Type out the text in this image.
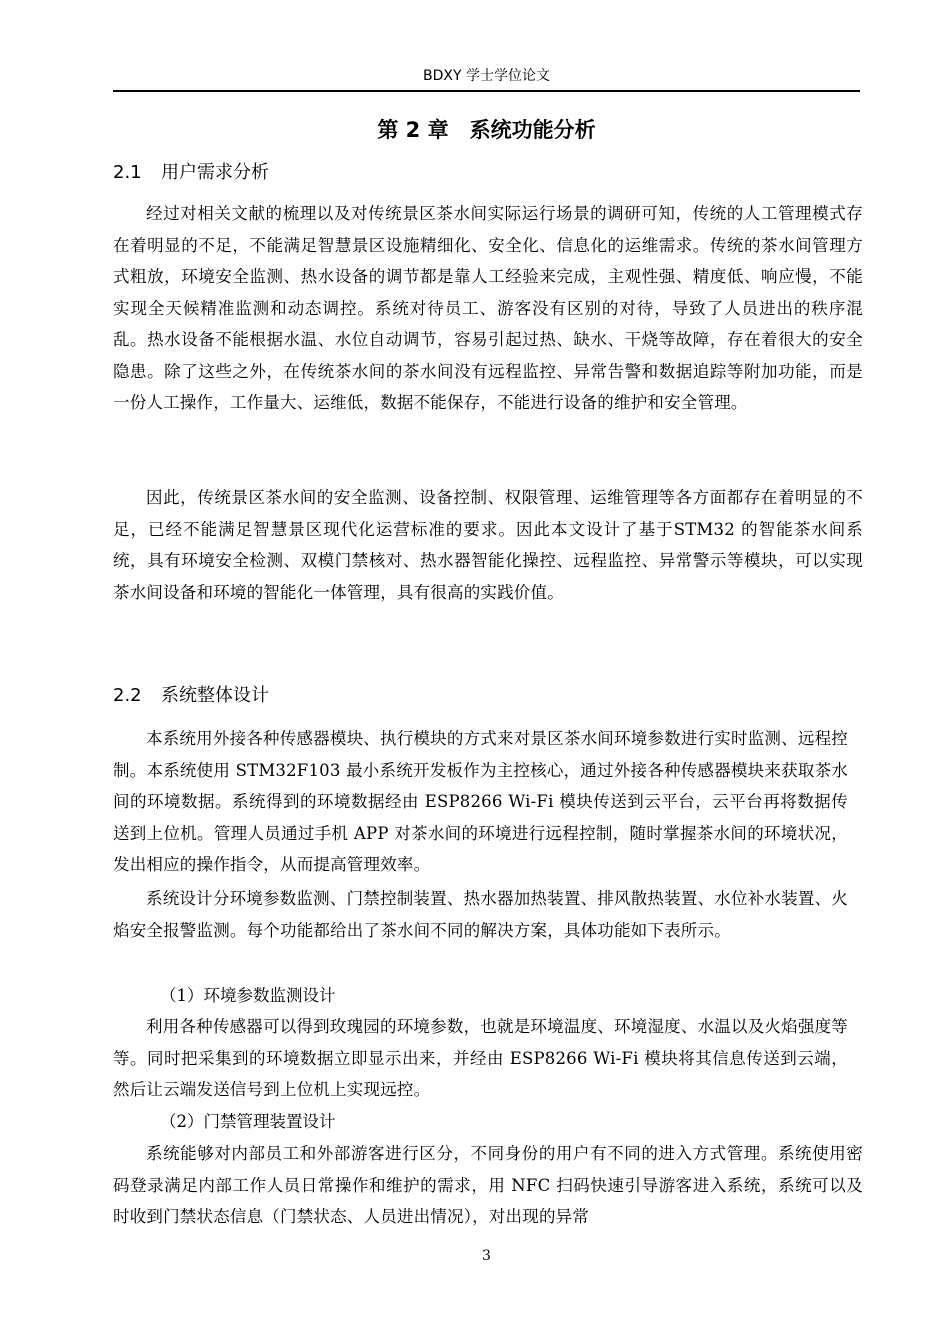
BDXY 学士学位论文
第 2 章　系统功能分析
2.1 用户需求分析

经过对相关文献的梳理以及对传统景区茶水间实际运行场景的调研可知，传统的人工管理模式存在着明显的不足，不能满足智慧景区设施精细化、安全化、信息化的运维需求。传统的茶水间管理方式粗放，环境安全监测、热水设备的调节都是靠人工经验来完成，主观性强、精度低、响应慢，不能实现全天候精准监测和动态调控。系统对待员工、游客没有区别的对待，导致了人员进出的秩序混乱。热水设备不能根据水温、水位自动调节，容易引起过热、缺水、干烧等故障，存在着很大的安全隐患。除了这些之外，在传统茶水间的茶水间没有远程监控、异常告警和数据追踪等附加功能，而是一份人工操作，工作量大、运维低，数据不能保存，不能进行设备的维护和安全管理。

因此，传统景区茶水间的安全监测、设备控制、权限管理、运维管理等各方面都存在着明显的不足，已经不能满足智慧景区现代化运营标准的要求。因此本文设计了基于STM32 的智能茶水间系统，具有环境安全检测、双模门禁核对、热水器智能化操控、远程监控、异常警示等模块，可以实现茶水间设备和环境的智能化一体管理，具有很高的实践价值。

2.2 系统整体设计

本系统用外接各种传感器模块、执行模块的方式来对景区茶水间环境参数进行实时监测、远程控制。本系统使用 STM32F103 最小系统开发板作为主控核心，通过外接各种传感器模块来获取茶水间的环境数据。系统得到的环境数据经由 ESP8266 Wi-Fi 模块传送到云平台，云平台再将数据传送到上位机。管理人员通过手机 APP 对茶水间的环境进行远程控制，随时掌握茶水间的环境状况，发出相应的操作指令，从而提高管理效率。

系统设计分环境参数监测、门禁控制装置、热水器加热装置、排风散热装置、水位补水装置、火焰安全报警监测。每个功能都给出了茶水间不同的解决方案，具体功能如下表所示。

（1）环境参数监测设计

利用各种传感器可以得到玫瑰园的环境参数，也就是环境温度、环境湿度、水温以及火焰强度等等。同时把采集到的环境数据立即显示出来，并经由 ESP8266 Wi-Fi 模块将其信息传送到云端，然后让云端发送信号到上位机上实现远控。

（2）门禁管理装置设计

系统能够对内部员工和外部游客进行区分，不同身份的用户有不同的进入方式管理。系统使用密码登录满足内部工作人员日常操作和维护的需求，用 NFC 扫码快速引导游客进入系统，系统可以及时收到门禁状态信息（门禁状态、人员进出情况），对出现的异常

3
